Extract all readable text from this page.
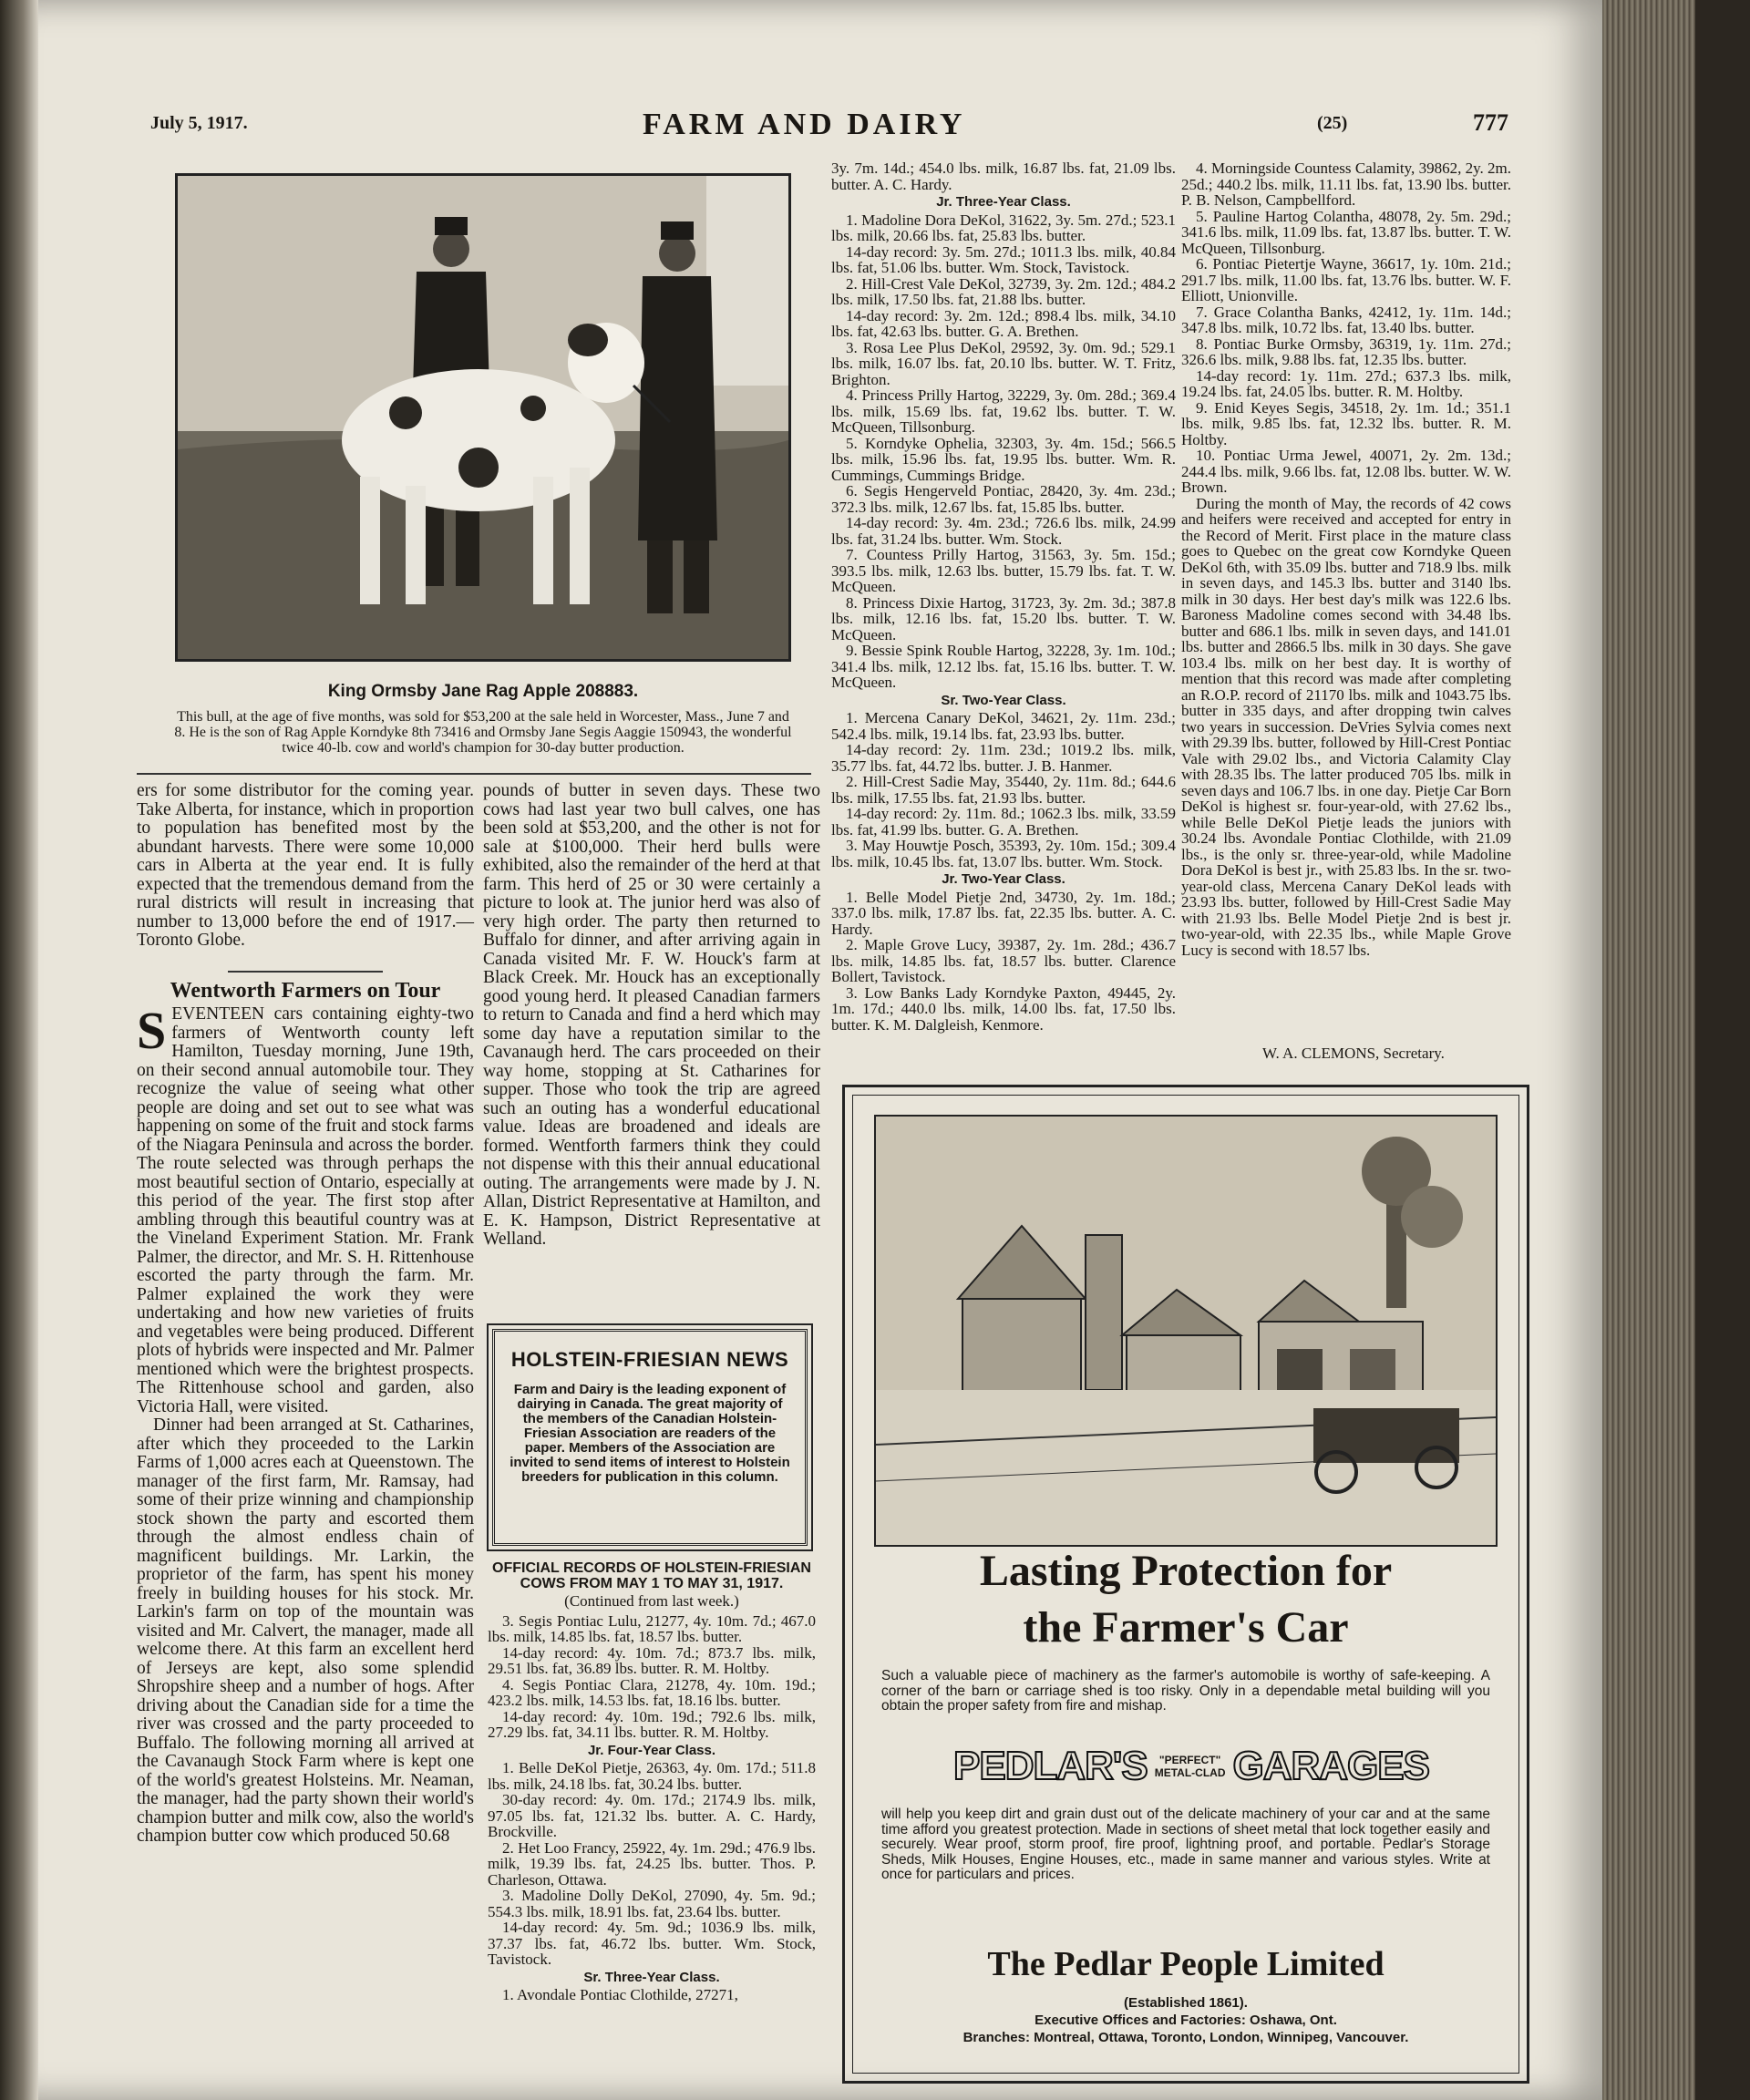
July 5, 1917.	FARM AND DAIRY	(25)	777
King Ormsby Jane Rag Apple 208883.

This bull, at the age of five months, was sold for $53,200 at the sale held in Worcester, Mass., June 7 and 8. He is the son of Rag Apple Korndyke 8th 73416 and Ormsby Jane Segis Aaggie 150943, the wonderful twice 40-lb. cow and world's champion for 30-day butter production.

ers for some distributor for the coming year. Take Alberta, for instance, which in proportion to population has benefited most by the abundant harvests. There were some 10,000 cars in Alberta at the year end. It is fully expected that the tremendous demand from the rural districts will result in increasing that number to 13,000 before the end of 1917.—Toronto Globe.

Wentworth Farmers on Tour

SEVENTEEN cars containing eighty-two farmers of Wentworth county left Hamilton, Tuesday morning, June 19th, on their second annual automobile tour. They recognize the value of seeing what other people are doing and set out to see what was happening on some of the fruit and stock farms of the Niagara Peninsula and across the border. The route selected was through perhaps the most beautiful section of Ontario, especially at this period of the year. The first stop after ambling through this beautiful country was at the Vineland Experiment Station. Mr. Frank Palmer, the director, and Mr. S. H. Rittenhouse escorted the party through the farm. Mr. Palmer explained the work they were undertaking and how new varieties of fruits and vegetables were being produced. Different plots of hybrids were inspected and Mr. Palmer mentioned which were the brightest prospects. The Rittenhouse school and garden, also Victoria Hall, were visited.

Dinner had been arranged at St. Catharines, after which they proceeded to the Larkin Farms of 1,000 acres each at Queenstown. The manager of the first farm, Mr. Ramsay, had some of their prize winning and championship stock shown the party and escorted them through the almost endless chain of magnificent buildings. Mr. Larkin, the proprietor of the farm, has spent his money freely in building houses for his stock. Mr. Larkin's farm on top of the mountain was visited and Mr. Calvert, the manager, made all welcome there. At this farm an excellent herd of Jerseys are kept, also some splendid Shropshire sheep and a number of hogs. After driving about the Canadian side for a time the river was crossed and the party proceeded to Buffalo. The following morning all arrived at the Cavanaugh Stock Farm where is kept one of the world's greatest Holsteins. Mr. Neaman, the manager, had the party shown their world's champion butter and milk cow, also the world's champion butter cow which produced 50.68

pounds of butter in seven days. These two cows had last year two bull calves, one has been sold at $53,200, and the other is not for sale at $100,000. Their herd bulls were exhibited, also the remainder of the herd at that farm. This herd of 25 or 30 were certainly a picture to look at. The junior herd was also of very high order. The party then returned to Buffalo for dinner, and after arriving again in Canada visited Mr. F. W. Houck's farm at Black Creek. Mr. Houck has an exceptionally good young herd. It pleased Canadian farmers to return to Canada and find a herd which may some day have a reputation similar to the Cavanaugh herd. The cars proceeded on their way home, stopping at St. Catharines for supper. Those who took the trip are agreed such an outing has a wonderful educational value. Ideas are broadened and ideals are formed. Wentforth farmers think they could not dispense with this their annual educational outing. The arrangements were made by J. N. Allan, District Representative at Hamilton, and E. K. Hampson, District Representative at Welland.

HOLSTEIN-FRIESIAN NEWS

Farm and Dairy is the leading exponent of dairying in Canada. The great majority of the members of the Canadian Holstein-Friesian Association are readers of the paper. Members of the Association are invited to send items of interest to Holstein breeders for publication in this column.

OFFICIAL RECORDS OF HOLSTEIN-FRIESIAN COWS FROM MAY 1 TO MAY 31, 1917.

(Continued from last week.)

3. Segis Pontiac Lulu, 21277, 4y. 10m. 7d.; 467.0 lbs. milk, 14.85 lbs. fat, 18.57 lbs. butter.

14-day record: 4y. 10m. 7d.; 873.7 lbs. milk, 29.51 lbs. fat, 36.89 lbs. butter. R. M. Holtby.

4. Segis Pontiac Clara, 21278, 4y. 10m. 19d.; 423.2 lbs. milk, 14.53 lbs. fat, 18.16 lbs. butter.

14-day record: 4y. 10m. 19d.; 792.6 lbs. milk, 27.29 lbs. fat, 34.11 lbs. butter. R. M. Holtby.

Jr. Four-Year Class.

1. Belle DeKol Pietje, 26363, 4y. 0m. 17d.; 511.8 lbs. milk, 24.18 lbs. fat, 30.24 lbs. butter.

30-day record: 4y. 0m. 17d.; 2174.9 lbs. milk, 97.05 lbs. fat, 121.32 lbs. butter. A. C. Hardy, Brockville.

2. Het Loo Francy, 25922, 4y. 1m. 29d.; 476.9 lbs. milk, 19.39 lbs. fat, 24.25 lbs. butter. Thos. P. Charleson, Ottawa.

3. Madoline Dolly DeKol, 27090, 4y. 5m. 9d.; 554.3 lbs. milk, 18.91 lbs. fat, 23.64 lbs. butter.

14-day record: 4y. 5m. 9d.; 1036.9 lbs. milk, 37.37 lbs. fat, 46.72 lbs. butter. Wm. Stock, Tavistock.

Sr. Three-Year Class.

1. Avondale Pontiac Clothilde, 27271,

3y. 7m. 14d.; 454.0 lbs. milk, 16.87 lbs. fat, 21.09 lbs. butter. A. C. Hardy.

Jr. Three-Year Class.

1. Madoline Dora DeKol, 31622, 3y. 5m. 27d.; 523.1 lbs. milk, 20.66 lbs. fat, 25.83 lbs. butter.

14-day record: 3y. 5m. 27d.; 1011.3 lbs. milk, 40.84 lbs. fat, 51.06 lbs. butter. Wm. Stock, Tavistock.

2. Hill-Crest Vale DeKol, 32739, 3y. 2m. 12d.; 484.2 lbs. milk, 17.50 lbs. fat, 21.88 lbs. butter.

14-day record: 3y. 2m. 12d.; 898.4 lbs. milk, 34.10 lbs. fat, 42.63 lbs. butter. G. A. Brethen.

3. Rosa Lee Plus DeKol, 29592, 3y. 0m. 9d.; 529.1 lbs. milk, 16.07 lbs. fat, 20.10 lbs. butter. W. T. Fritz, Brighton.

4. Princess Prilly Hartog, 32229, 3y. 0m. 28d.; 369.4 lbs. milk, 15.69 lbs. fat, 19.62 lbs. butter. T. W. McQueen, Tillsonburg.

5. Korndyke Ophelia, 32303, 3y. 4m. 15d.; 566.5 lbs. milk, 15.96 lbs. fat, 19.95 lbs. butter. Wm. R. Cummings, Cummings Bridge.

6. Segis Hengerveld Pontiac, 28420, 3y. 4m. 23d.; 372.3 lbs. milk, 12.67 lbs. fat, 15.85 lbs. butter.

14-day record: 3y. 4m. 23d.; 726.6 lbs. milk, 24.99 lbs. fat, 31.24 lbs. butter. Wm. Stock.

7. Countess Prilly Hartog, 31563, 3y. 5m. 15d.; 393.5 lbs. milk, 12.63 lbs. butter, 15.79 lbs. fat. T. W. McQueen.

8. Princess Dixie Hartog, 31723, 3y. 2m. 3d.; 387.8 lbs. milk, 12.16 lbs. fat, 15.20 lbs. butter. T. W. McQueen.

9. Bessie Spink Rouble Hartog, 32228, 3y. 1m. 10d.; 341.4 lbs. milk, 12.12 lbs. fat, 15.16 lbs. butter. T. W. McQueen.

Sr. Two-Year Class.

1. Mercena Canary DeKol, 34621, 2y. 11m. 23d.; 542.4 lbs. milk, 19.14 lbs. fat, 23.93 lbs. butter.

14-day record: 2y. 11m. 23d.; 1019.2 lbs. milk, 35.77 lbs. fat, 44.72 lbs. butter. J. B. Hanmer.

2. Hill-Crest Sadie May, 35440, 2y. 11m. 8d.; 644.6 lbs. milk, 17.55 lbs. fat, 21.93 lbs. butter.

14-day record: 2y. 11m. 8d.; 1062.3 lbs. milk, 33.59 lbs. fat, 41.99 lbs. butter. G. A. Brethen.

3. May Houwtje Posch, 35393, 2y. 10m. 15d.; 309.4 lbs. milk, 10.45 lbs. fat, 13.07 lbs. butter. Wm. Stock.

Jr. Two-Year Class.

1. Belle Model Pietje 2nd, 34730, 2y. 1m. 18d.; 337.0 lbs. milk, 17.87 lbs. fat, 22.35 lbs. butter. A. C. Hardy.

2. Maple Grove Lucy, 39387, 2y. 1m. 28d.; 436.7 lbs. milk, 14.85 lbs. fat, 18.57 lbs. butter. Clarence Bollert, Tavistock.

3. Low Banks Lady Korndyke Paxton, 49445, 2y. 1m. 17d.; 440.0 lbs. milk, 14.00 lbs. fat, 17.50 lbs. butter. K. M. Dalgleish, Kenmore.

4. Morningside Countess Calamity, 39862, 2y. 2m. 25d.; 440.2 lbs. milk, 11.11 lbs. fat, 13.90 lbs. butter. P. B. Nelson, Campbellford.

5. Pauline Hartog Colantha, 48078, 2y. 5m. 29d.; 341.6 lbs. milk, 11.09 lbs. fat, 13.87 lbs. butter. T. W. McQueen, Tillsonburg.

6. Pontiac Pietertje Wayne, 36617, 1y. 10m. 21d.; 291.7 lbs. milk, 11.00 lbs. fat, 13.76 lbs. butter. W. F. Elliott, Unionville.

7. Grace Colantha Banks, 42412, 1y. 11m. 14d.; 347.8 lbs. milk, 10.72 lbs. fat, 13.40 lbs. butter.

8. Pontiac Burke Ormsby, 36319, 1y. 11m. 27d.; 326.6 lbs. milk, 9.88 lbs. fat, 12.35 lbs. butter.

14-day record: 1y. 11m. 27d.; 637.3 lbs. milk, 19.24 lbs. fat, 24.05 lbs. butter. R. M. Holtby.

9. Enid Keyes Segis, 34518, 2y. 1m. 1d.; 351.1 lbs. milk, 9.85 lbs. fat, 12.32 lbs. butter. R. M. Holtby.

10. Pontiac Urma Jewel, 40071, 2y. 2m. 13d.; 244.4 lbs. milk, 9.66 lbs. fat, 12.08 lbs. butter. W. W. Brown.

During the month of May, the records of 42 cows and heifers were received and accepted for entry in the Record of Merit. First place in the mature class goes to Quebec on the great cow Korndyke Queen DeKol 6th, with 35.09 lbs. butter and 718.9 lbs. milk in seven days, and 145.3 lbs. butter and 3140 lbs. milk in 30 days. Her best day's milk was 122.6 lbs. Baroness Madoline comes second with 34.48 lbs. butter and 686.1 lbs. milk in seven days, and 141.01 lbs. butter and 2866.5 lbs. milk in 30 days. She gave 103.4 lbs. milk on her best day. It is worthy of mention that this record was made after completing an R.O.P. record of 21170 lbs. milk and 1043.75 lbs. butter in 335 days, and after dropping twin calves two years in succession. DeVries Sylvia comes next with 29.39 lbs. butter, followed by Hill-Crest Pontiac Vale with 29.02 lbs., and Victoria Calamity Clay with 28.35 lbs. The latter produced 705 lbs. milk in seven days and 106.7 lbs. in one day. Pietje Car Born DeKol is highest sr. four-year-old, with 27.62 lbs., while Belle DeKol Pietje leads the juniors with 30.24 lbs. Avondale Pontiac Clothilde, with 21.09 lbs., is the only sr. three-year-old, while Madoline Dora DeKol is best jr., with 25.83 lbs. In the sr. two-year-old class, Mercena Canary DeKol leads with 23.93 lbs. butter, followed by Hill-Crest Sadie May with 21.93 lbs. Belle Model Pietje 2nd is best jr. two-year-old, with 22.35 lbs., while Maple Grove Lucy is second with 18.57 lbs.

W. A. CLEMONS, Secretary.
Lasting Protection for
the Farmer's Car
Such a valuable piece of machinery as the farmer's automobile is worthy of safe-keeping. A corner of the barn or carriage shed is too risky. Only in a dependable metal building will you obtain the proper safety from fire and mishap.
PEDLAR'S "PERFECT"
METAL-CLAD GARAGES
will help you keep dirt and grain dust out of the delicate machinery of your car and at the same time afford you greatest protection. Made in sections of sheet metal that lock together easily and securely. Wear proof, storm proof, fire proof, lightning proof, and portable. Pedlar's Storage Sheds, Milk Houses, Engine Houses, etc., made in same manner and various styles. Write at once for particulars and prices.
The Pedlar People Limited
(Established 1861).
Executive Offices and Factories: Oshawa, Ont.
Branches: Montreal, Ottawa, Toronto, London, Winnipeg, Vancouver.
